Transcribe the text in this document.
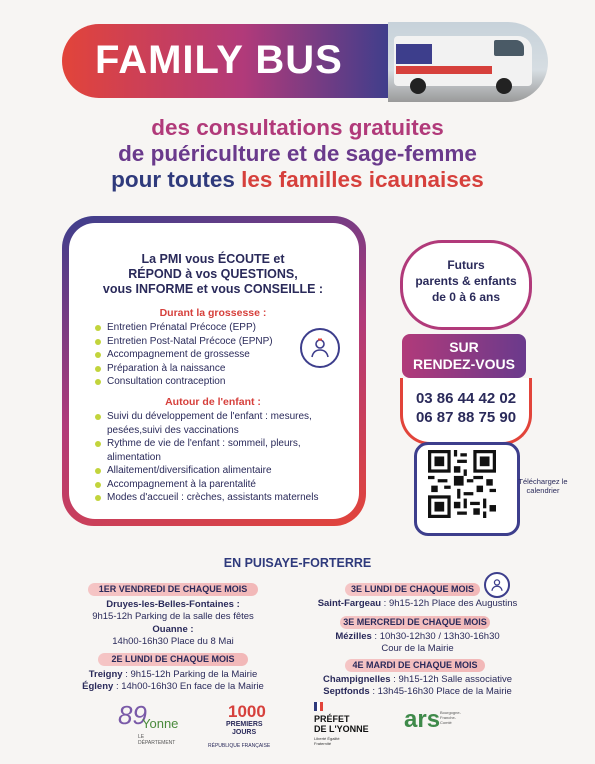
FAMILY BUS
des consultations gratuites
de puériculture et de sage-femme
pour toutes les familles icaunaises
La PMI vous ÉCOUTE et
RÉPOND à vos QUESTIONS,
vous INFORME et vous CONSEILLE :
Durant la grossesse :
Entretien Prénatal Précoce (EPP)
Entretien Post-Natal Précoce (EPNP)
Accompagnement de grossesse
Préparation à la naissance
Consultation contraception
Autour de l'enfant :
Suivi du développement de l'enfant : mesures, pesées,suivi des vaccinations
Rythme de vie de l'enfant : sommeil, pleurs, alimentation
Allaitement/diversification alimentaire
Accompagnement à la parentalité
Modes d'accueil : crèches, assistants maternels
Futurs
parents & enfants
de 0 à 6 ans
SUR
RENDEZ-VOUS
03 86 44 42 02
06 87 88 75 90
Téléchargez le calendrier
EN PUISAYE-FORTERRE
1ER VENDREDI DE CHAQUE MOIS
Druyes-les-Belles-Fontaines :
9h15-12h Parking de la salle des fêtes
Ouanne :
14h00-16h30 Place du 8 Mai
2E LUNDI DE CHAQUE MOIS
Treigny : 9h15-12h Parking de la Mairie
Égleny : 14h00-16h30 En face de la Mairie
3E LUNDI DE CHAQUE MOIS
Saint-Fargeau : 9h15-12h Place des Augustins
3E MERCREDI DE CHAQUE MOIS
Mézilles : 10h30-12h30 / 13h30-16h30
Cour de la Mairie
4E MARDI DE CHAQUE MOIS
Champignelles : 9h15-12h Salle associative
Septfonds : 13h45-16h30 Place de la Mairie
89
Yonne
LE DÉPARTEMENT
1000
PREMIERS
JOURS
RÉPUBLIQUE FRANÇAISE
PRÉFET
DE L'YONNE
Liberté Égalité Fraternité
ars Bourgogne-Franche-Comté
